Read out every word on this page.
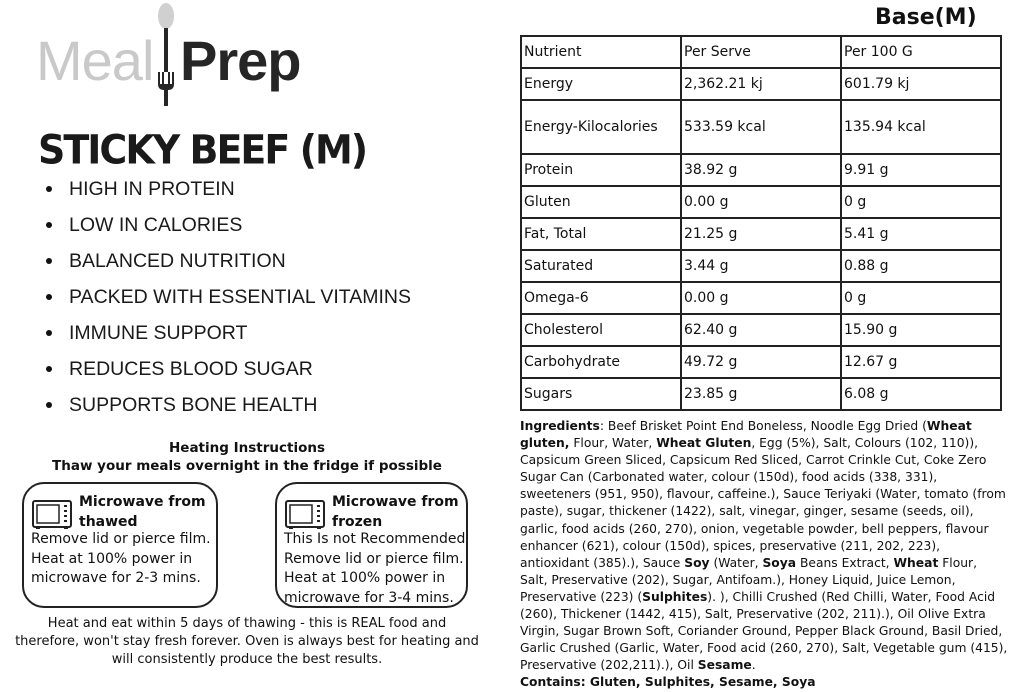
Meal Prep
STICKY BEEF (M)
HIGH IN PROTEIN
LOW IN CALORIES
BALANCED NUTRITION
PACKED WITH ESSENTIAL VITAMINS
IMMUNE SUPPORT
REDUCES BLOOD SUGAR
SUPPORTS BONE HEALTH
Heating Instructions
Thaw your meals overnight in the fridge if possible
Microwave from thawed
Remove lid or pierce film.
Heat at 100% power in
microwave for 2-3 mins.
Microwave from frozen
This Is not Recommended
Remove lid or pierce film.
Heat at 100% power in
microwave for 3-4 mins.
Heat and eat within 5 days of thawing - this is REAL food and therefore, won't stay fresh forever. Oven is always best for heating and will consistently produce the best results.
Base(M)
Nutrient	Per Serve	Per 100 G
Energy	2,362.21 kj	601.79 kj
Energy-Kilocalories	533.59 kcal	135.94 kcal
Protein	38.92 g	9.91 g
Gluten	0.00 g	0 g
Fat, Total	21.25 g	5.41 g
Saturated	3.44 g	0.88 g
Omega-6	0.00 g	0 g
Cholesterol	62.40 g	15.90 g
Carbohydrate	49.72 g	12.67 g
Sugars	23.85 g	6.08 g
Ingredients: Beef Brisket Point End Boneless, Noodle Egg Dried (Wheat gluten, Flour, Water, Wheat Gluten, Egg (5%), Salt, Colours (102, 110)), Capsicum Green Sliced, Capsicum Red Sliced, Carrot Crinkle Cut, Coke Zero Sugar Can (Carbonated water, colour (150d), food acids (338, 331), sweeteners (951, 950), flavour, caffeine.), Sauce Teriyaki (Water, tomato (from paste), sugar, thickener (1422), salt, vinegar, ginger, sesame (seeds, oil), garlic, food acids (260, 270), onion, vegetable powder, bell peppers, flavour enhancer (621), colour (150d), spices, preservative (211, 202, 223), antioxidant (385).), Sauce Soy (Water, Soya Beans Extract, Wheat Flour, Salt, Preservative (202), Sugar, Antifoam.), Honey Liquid, Juice Lemon, Preservative (223) (Sulphites). ), Chilli Crushed (Red Chilli, Water, Food Acid (260), Thickener (1442, 415), Salt, Preservative (202, 211).), Oil Olive Extra Virgin, Sugar Brown Soft, Coriander Ground, Pepper Black Ground, Basil Dried, Garlic Crushed (Garlic, Water, Food acid (260, 270), Salt, Vegetable gum (415), Preservative (202,211).), Oil Sesame.
Contains: Gluten, Sulphites, Sesame, Soya
